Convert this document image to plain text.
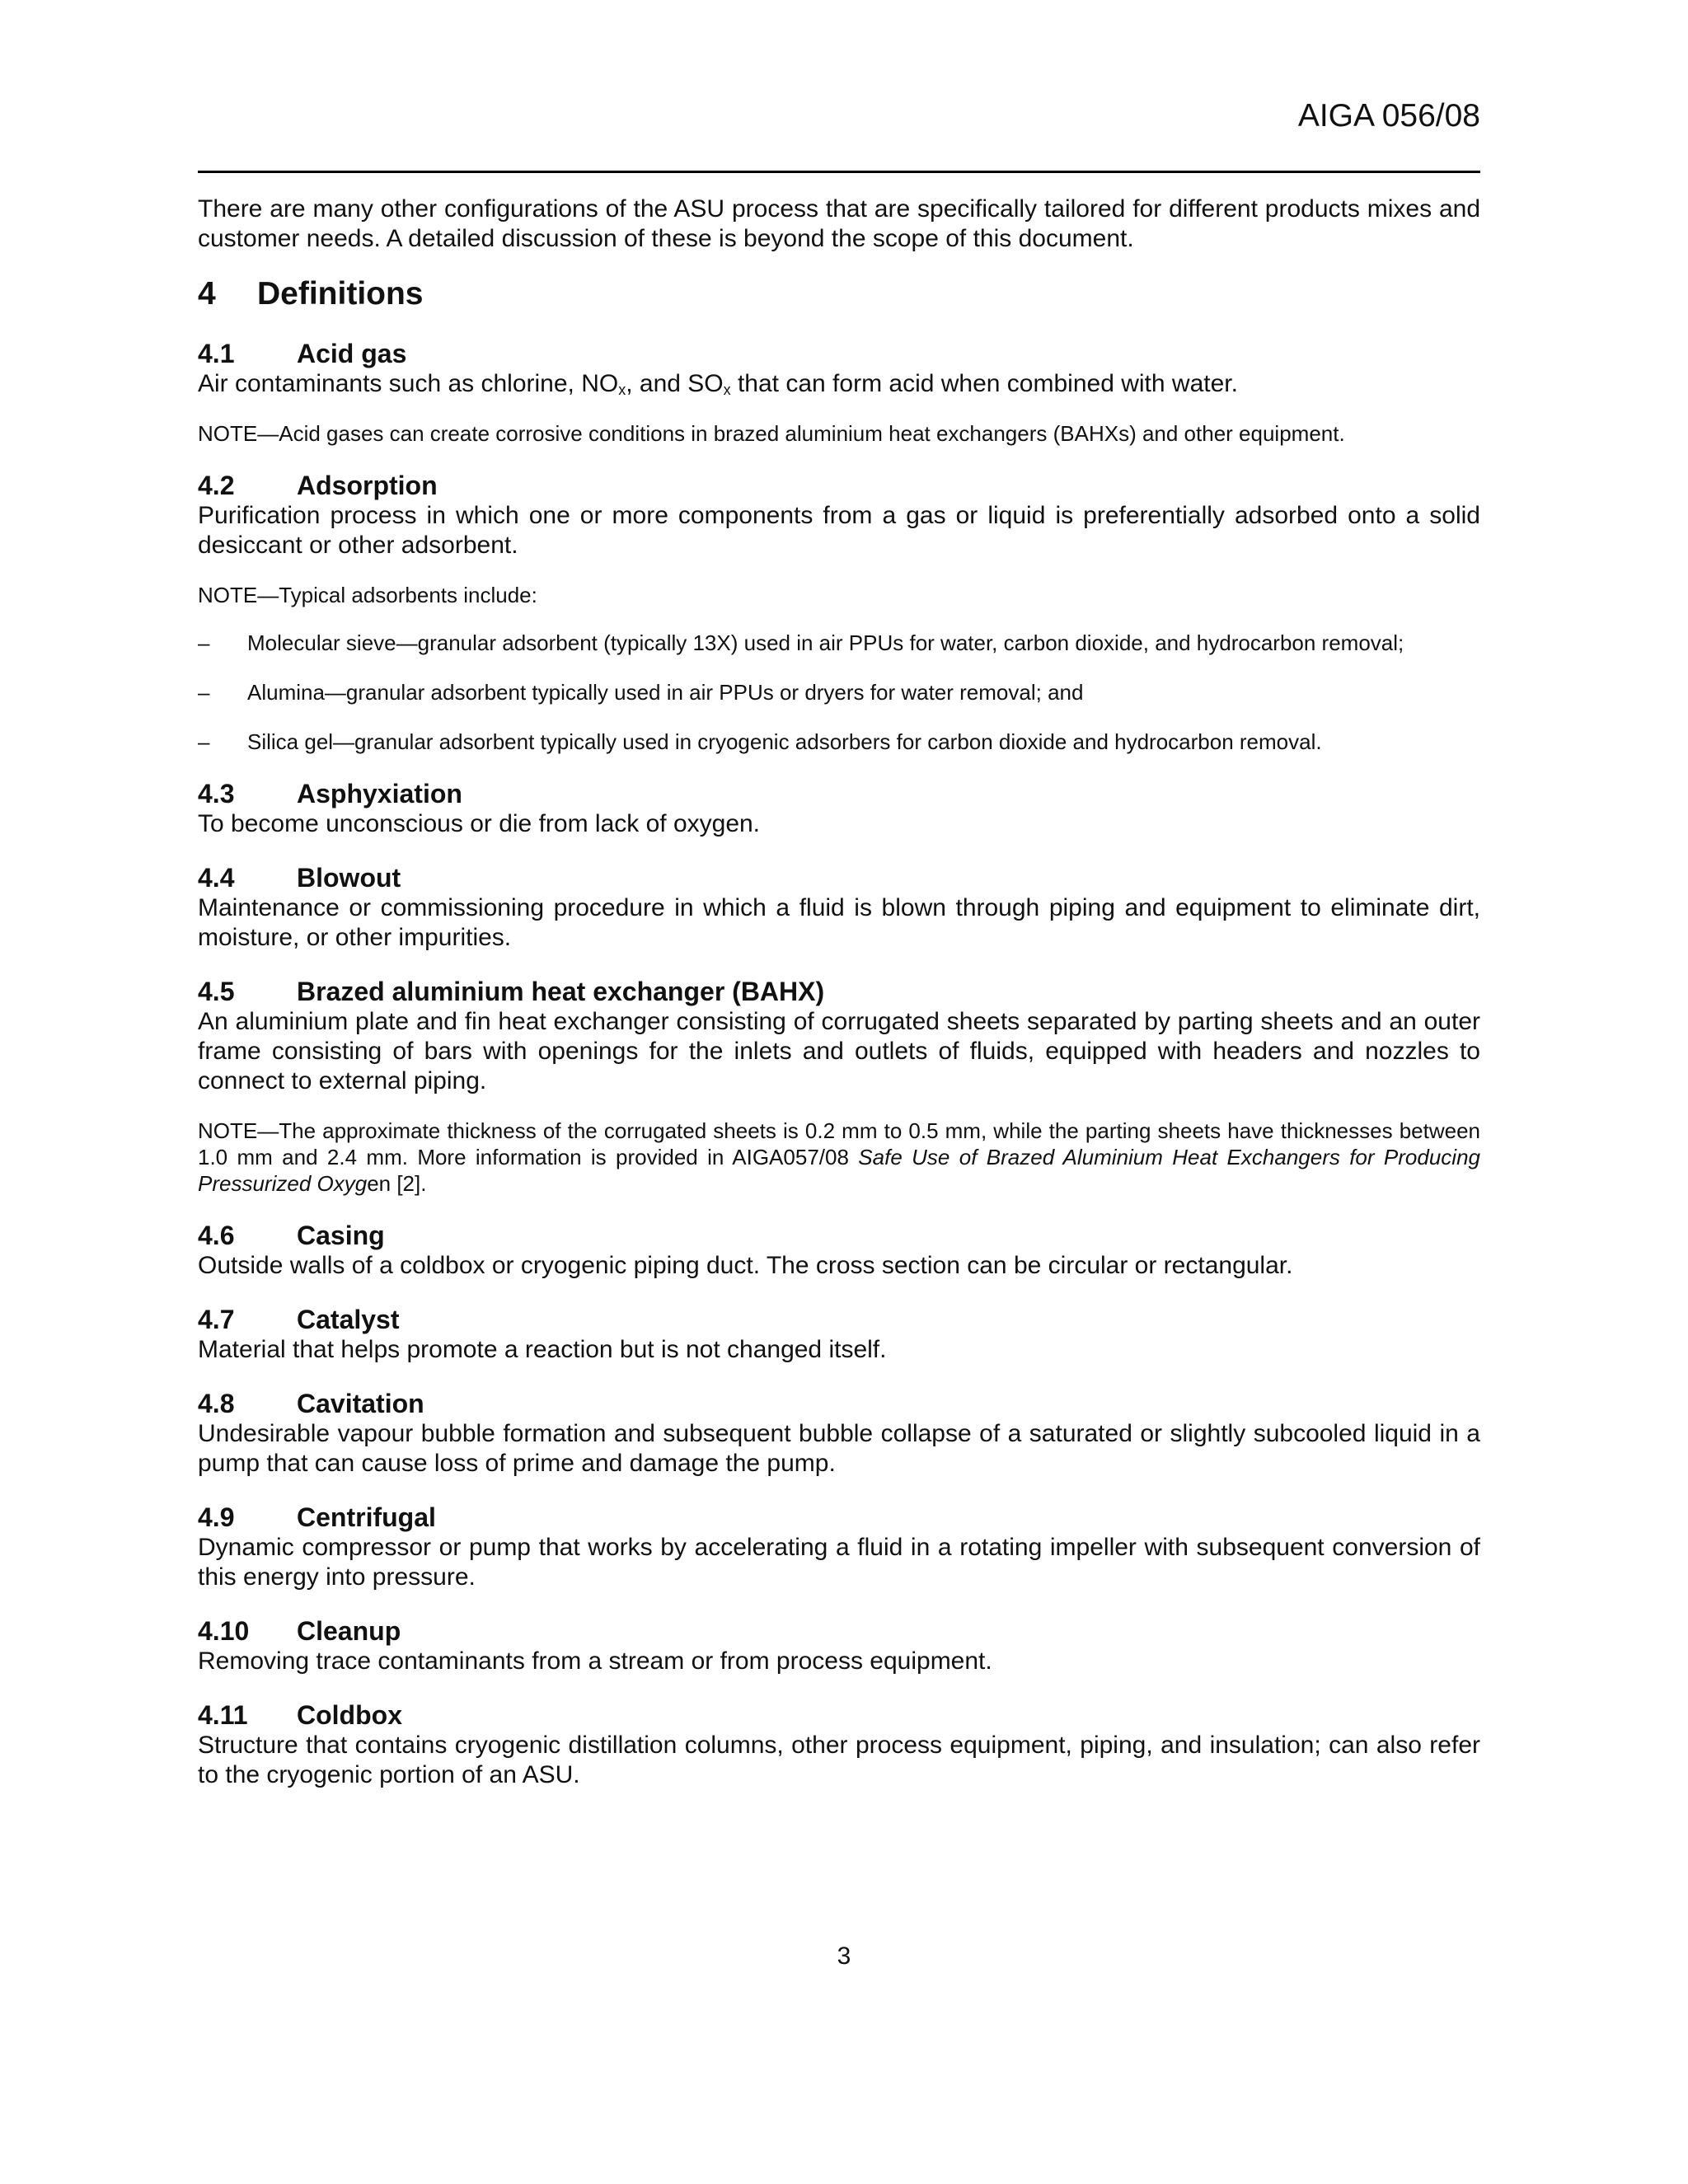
AIGA 056/08

There are many other configurations of the ASU process that are specifically tailored for different products mixes and customer needs. A detailed discussion of these is beyond the scope of this document.

4 Definitions
4.1 Acid gas

Air contaminants such as chlorine, $NO_x$, and $SO_x$ that can form acid when combined with water.

NOTE—Acid gases can create corrosive conditions in brazed aluminium heat exchangers (BAHXs) and other equipment.

4.2 Adsorption

Purification process in which one or more components from a gas or liquid is preferentially adsorbed onto a solid desiccant or other adsorbent.

NOTE—Typical adsorbents include:

– Molecular sieve—granular adsorbent (typically 13X) used in air PPUs for water, carbon dioxide, and hydrocarbon removal;
– Alumina—granular adsorbent typically used in air PPUs or dryers for water removal; and
– Silica gel—granular adsorbent typically used in cryogenic adsorbers for carbon dioxide and hydrocarbon removal.
4.3 Asphyxiation

To become unconscious or die from lack of oxygen.

4.4 Blowout

Maintenance or commissioning procedure in which a fluid is blown through piping and equipment to eliminate dirt, moisture, or other impurities.

4.5 Brazed aluminium heat exchanger (BAHX)

An aluminium plate and fin heat exchanger consisting of corrugated sheets separated by parting sheets and an outer frame consisting of bars with openings for the inlets and outlets of fluids, equipped with headers and nozzles to connect to external piping.

NOTE—The approximate thickness of the corrugated sheets is 0.2 mm to 0.5 mm, while the parting sheets have thicknesses between 1.0 mm and 2.4 mm. More information is provided in AIGA057/08 Safe Use of Brazed Aluminium Heat Exchangers for Producing Pressurized Oxygen [2].

4.6 Casing

Outside walls of a coldbox or cryogenic piping duct. The cross section can be circular or rectangular.

4.7 Catalyst

Material that helps promote a reaction but is not changed itself.

4.8 Cavitation

Undesirable vapour bubble formation and subsequent bubble collapse of a saturated or slightly subcooled liquid in a pump that can cause loss of prime and damage the pump.

4.9 Centrifugal

Dynamic compressor or pump that works by accelerating a fluid in a rotating impeller with subsequent conversion of this energy into pressure.

4.10 Cleanup

Removing trace contaminants from a stream or from process equipment.

4.11 Coldbox

Structure that contains cryogenic distillation columns, other process equipment, piping, and insulation; can also refer to the cryogenic portion of an ASU.

3
